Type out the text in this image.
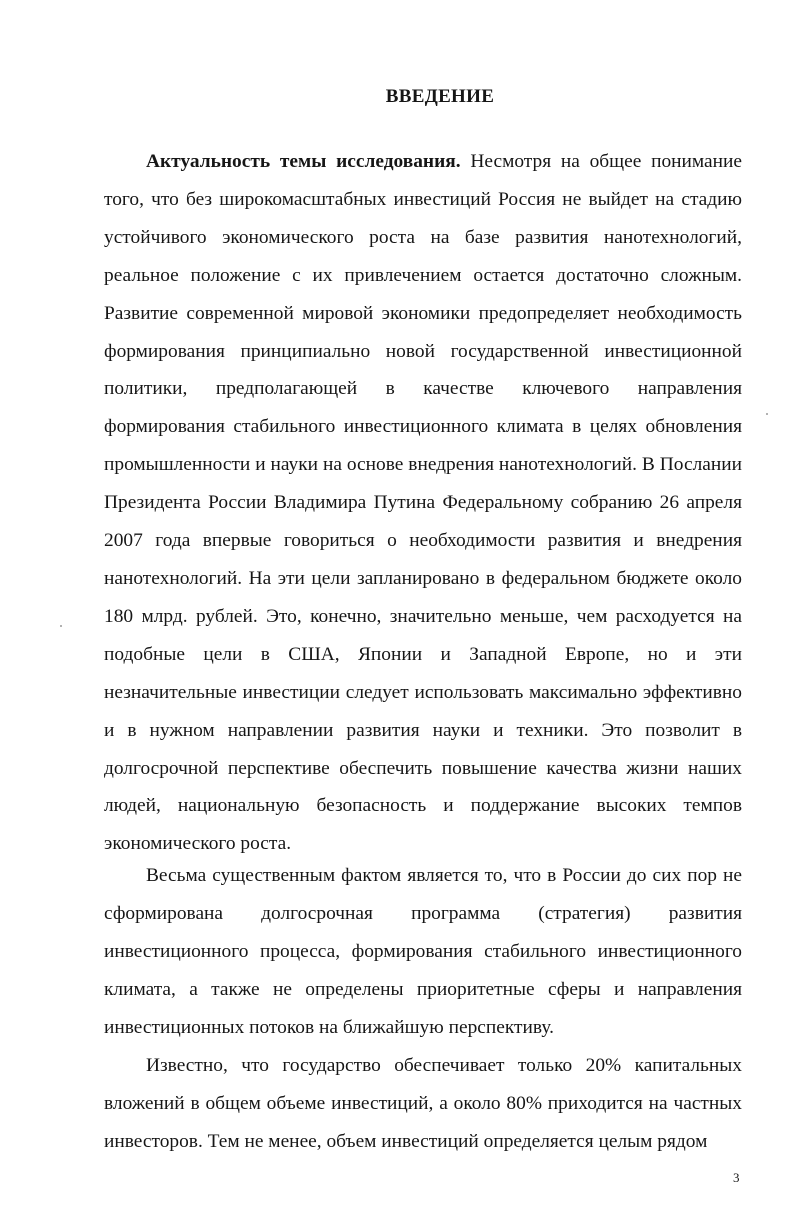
ВВЕДЕНИЕ

Актуальность темы исследования. Несмотря на общее понимание того, что без широкомасштабных инвестиций Россия не выйдет на стадию устойчивого экономического роста на базе развития нанотехнологий, реальное положение с их привлечением остается достаточно сложным. Развитие современной мировой экономики предопределяет необходимость формирования принципиально новой государственной инвестиционной политики, предполагающей в качестве ключевого направления формирования стабильного инвестиционного климата в целях обновления промышленности и науки на основе внедрения нанотехнологий. В Послании Президента России Владимира Путина Федеральному собранию 26 апреля 2007 года впервые говориться о необходимости развития и внедрения нанотехнологий. На эти цели запланировано в федеральном бюджете около 180 млрд. рублей. Это, конечно, значительно меньше, чем расходуется на подобные цели в США, Японии и Западной Европе, но и эти незначительные инвестиции следует использовать максимально эффективно и в нужном направлении развития науки и техники. Это позволит в долгосрочной перспективе обеспечить повышение качества жизни наших людей, национальную безопасность и поддержание высоких темпов экономического роста.

Весьма существенным фактом является то, что в России до сих пор не сформирована долгосрочная программа (стратегия) развития инвестиционного процесса, формирования стабильного инвестиционного климата, а также не определены приоритетные сферы и направления инвестиционных потоков на ближайшую перспективу.

Известно, что государство обеспечивает только 20% капитальных вложений в общем объеме инвестиций, а около 80% приходится на частных инвесторов. Тем не менее, объем инвестиций определяется целым рядом

3
